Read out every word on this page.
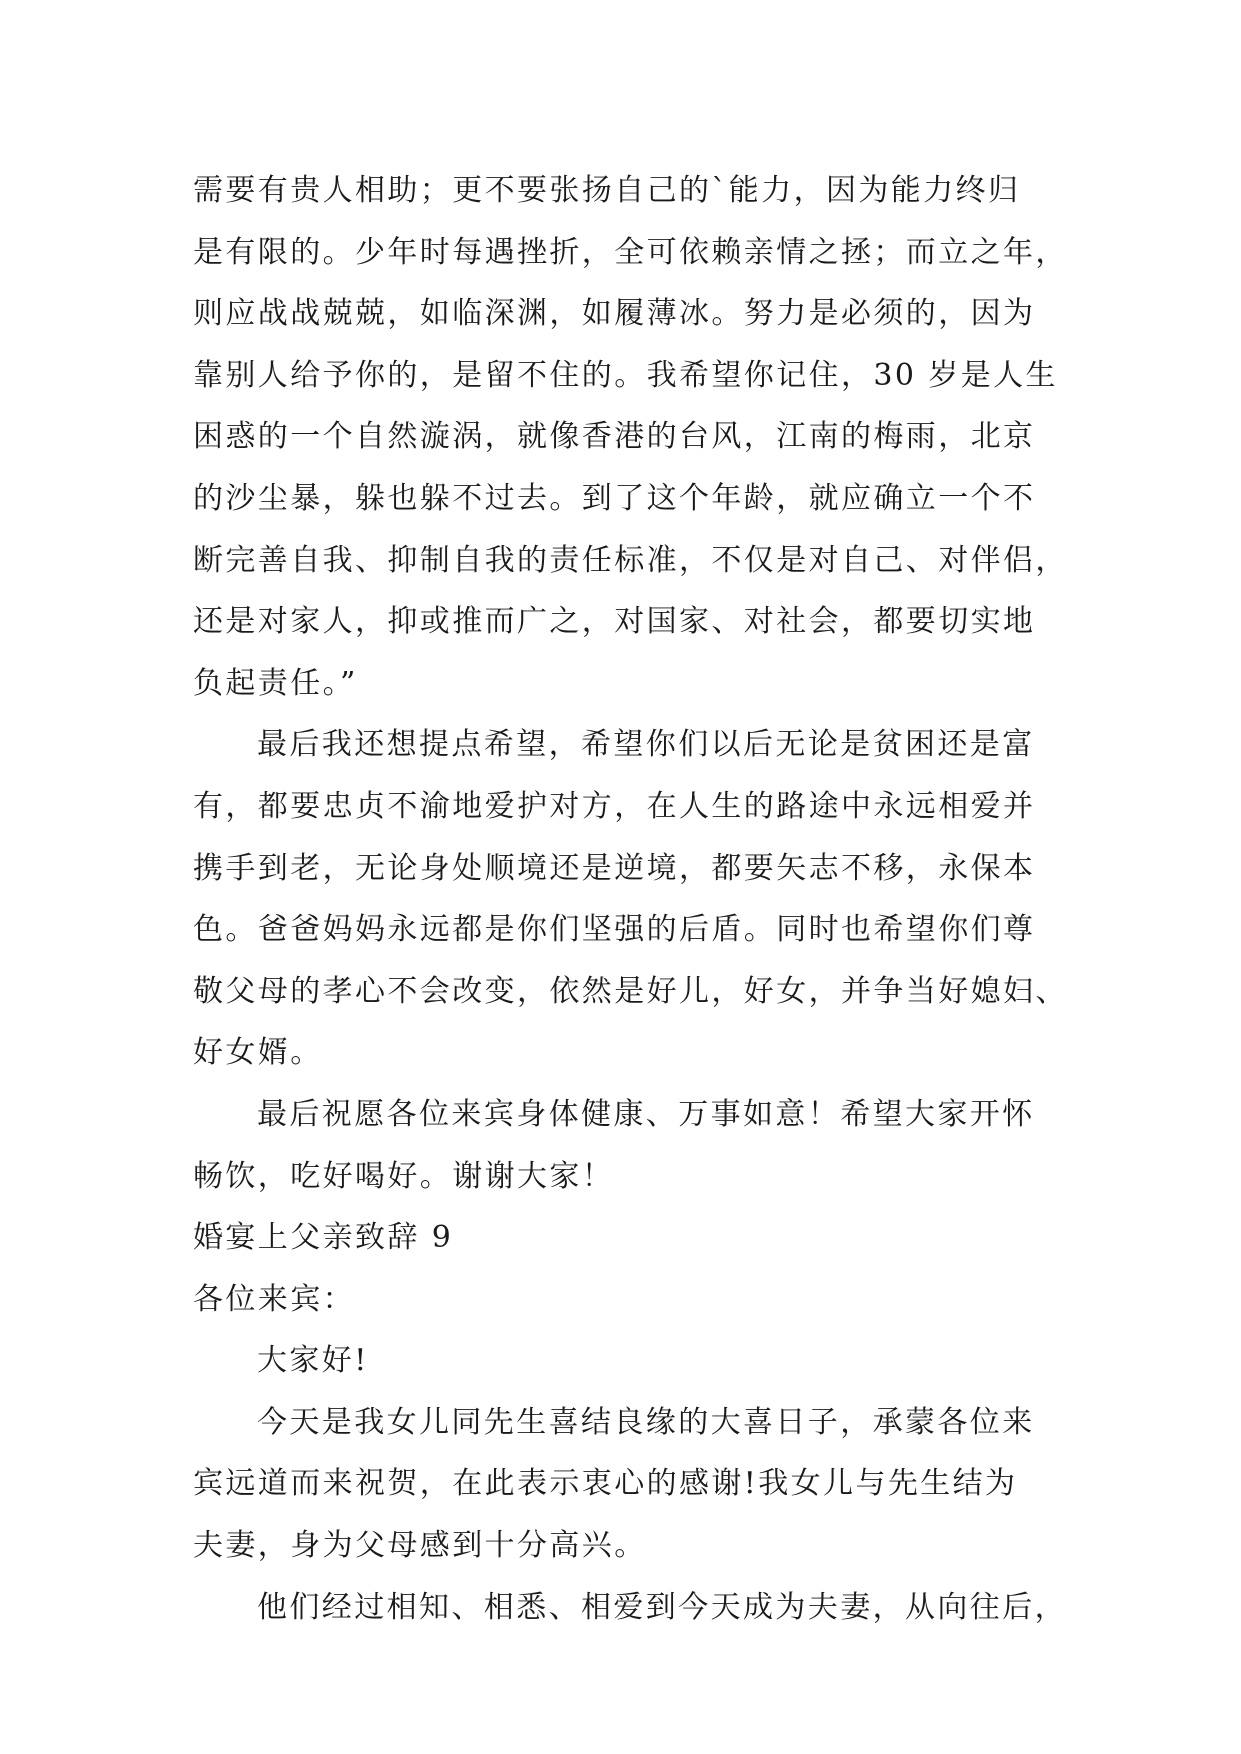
需要有贵人相助；更不要张扬自己的`能力，因为能力终归
是有限的。少年时每遇挫折，全可依赖亲情之拯；而立之年，
则应战战兢兢，如临深渊，如履薄冰。努力是必须的，因为
靠别人给予你的，是留不住的。我希望你记住，30 岁是人生
困惑的一个自然漩涡，就像香港的台风，江南的梅雨，北京
的沙尘暴，躲也躲不过去。到了这个年龄，就应确立一个不
断完善自我、抑制自我的责任标准，不仅是对自己、对伴侣，
还是对家人，抑或推而广之，对国家、对社会，都要切实地
负起责任。”
最后我还想提点希望，希望你们以后无论是贫困还是富
有，都要忠贞不渝地爱护对方，在人生的路途中永远相爱并
携手到老，无论身处顺境还是逆境，都要矢志不移，永保本
色。爸爸妈妈永远都是你们坚强的后盾。同时也希望你们尊
敬父母的孝心不会改变，依然是好儿，好女，并争当好媳妇、
好女婿。
最后祝愿各位来宾身体健康、万事如意！希望大家开怀
畅饮，吃好喝好。谢谢大家！
婚宴上父亲致辞 9
各位来宾：
大家好!
今天是我女儿同先生喜结良缘的大喜日子，承蒙各位来
宾远道而来祝贺，在此表示衷心的感谢!我女儿与先生结为
夫妻，身为父母感到十分高兴。
他们经过相知、相悉、相爱到今天成为夫妻，从向往后，
